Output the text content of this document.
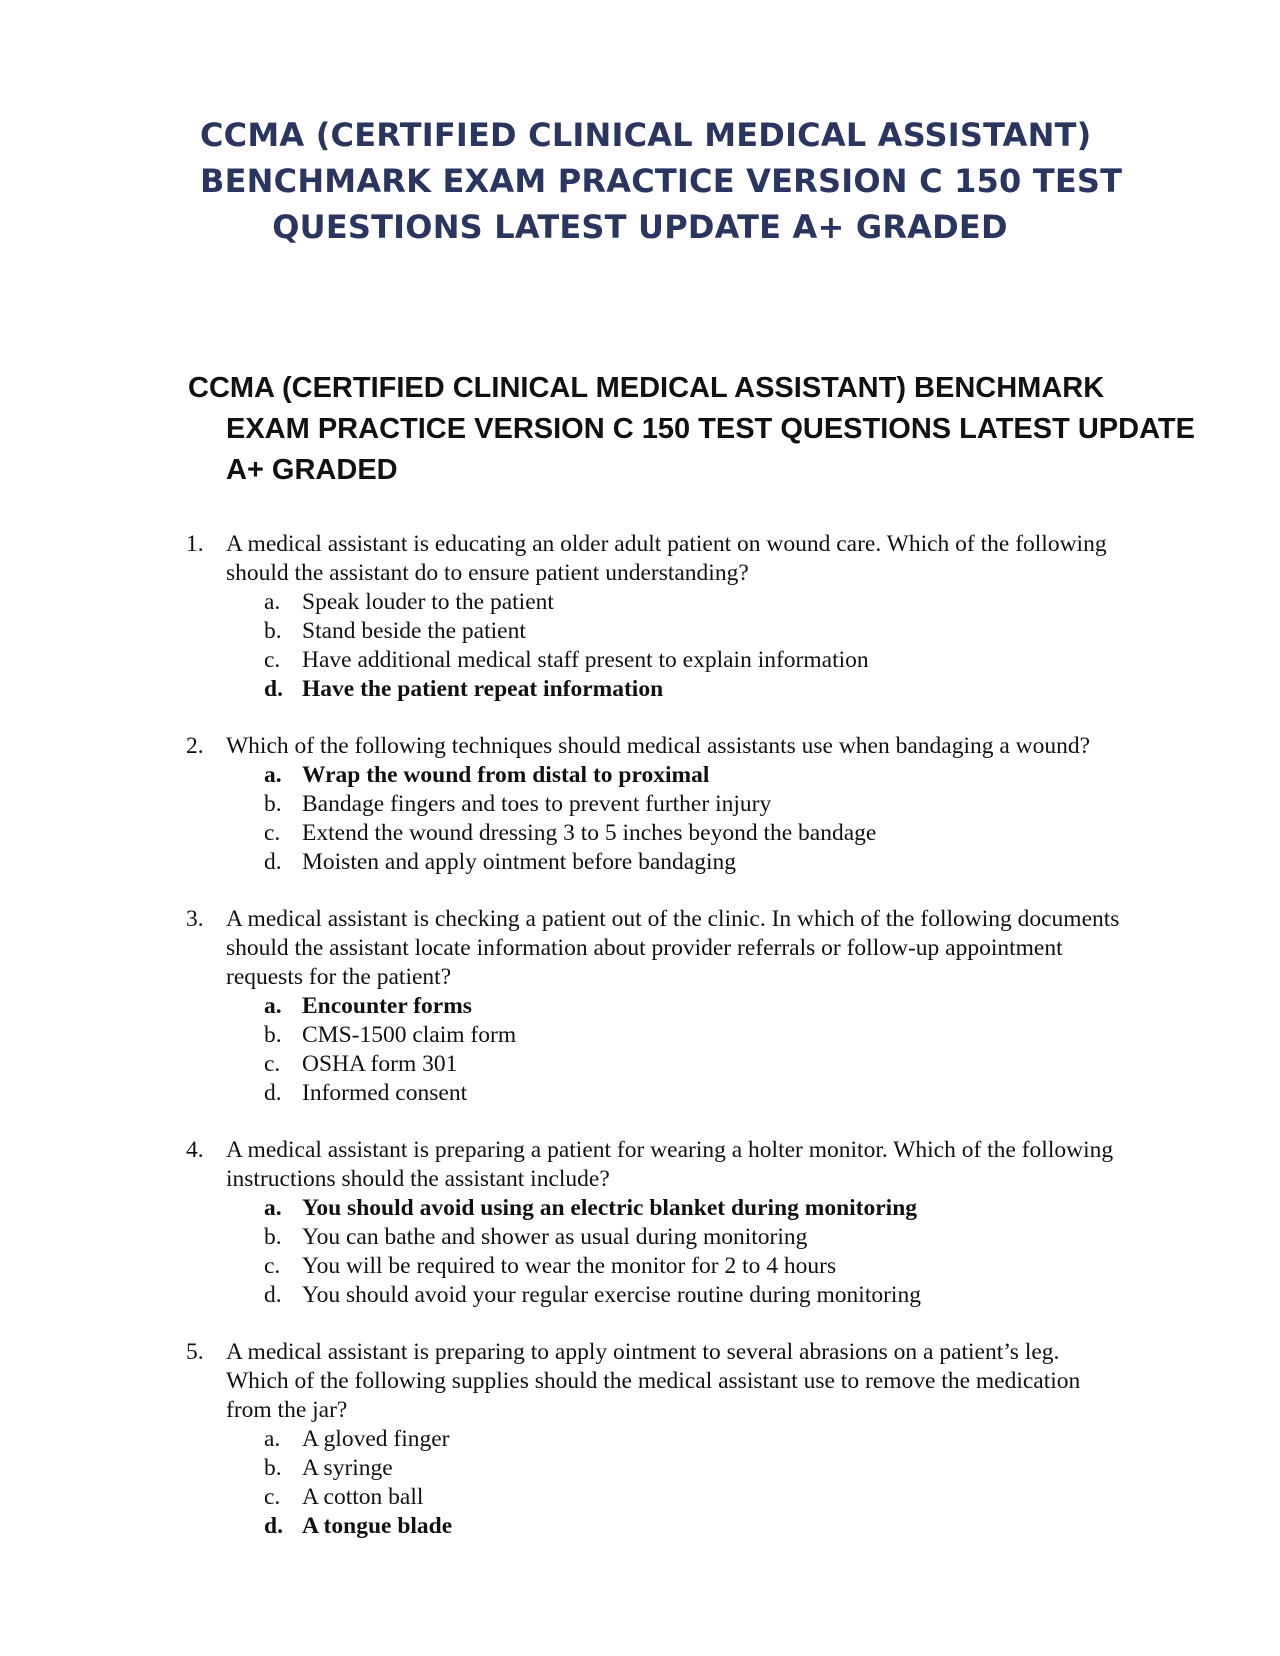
CCMA (CERTIFIED CLINICAL MEDICAL ASSISTANT)
BENCHMARK EXAM PRACTICE VERSION C 150 TEST
QUESTIONS LATEST UPDATE A+ GRADED
CCMA (CERTIFIED CLINICAL MEDICAL ASSISTANT) BENCHMARK
EXAM PRACTICE VERSION C 150 TEST QUESTIONS LATEST UPDATE
A+ GRADED
1. A medical assistant is educating an older adult patient on wound care. Which of the following should the assistant do to ensure patient understanding?
a. Speak louder to the patient
b. Stand beside the patient
c. Have additional medical staff present to explain information
d. Have the patient repeat information
2. Which of the following techniques should medical assistants use when bandaging a wound?
a. Wrap the wound from distal to proximal
b. Bandage fingers and toes to prevent further injury
c. Extend the wound dressing 3 to 5 inches beyond the bandage
d. Moisten and apply ointment before bandaging
3. A medical assistant is checking a patient out of the clinic. In which of the following documents should the assistant locate information about provider referrals or follow-up appointment requests for the patient?
a. Encounter forms
b. CMS-1500 claim form
c. OSHA form 301
d. Informed consent
4. A medical assistant is preparing a patient for wearing a holter monitor. Which of the following instructions should the assistant include?
a. You should avoid using an electric blanket during monitoring
b. You can bathe and shower as usual during monitoring
c. You will be required to wear the monitor for 2 to 4 hours
d. You should avoid your regular exercise routine during monitoring
5. A medical assistant is preparing to apply ointment to several abrasions on a patient’s leg. Which of the following supplies should the medical assistant use to remove the medication from the jar?
a. A gloved finger
b. A syringe
c. A cotton ball
d. A tongue blade
